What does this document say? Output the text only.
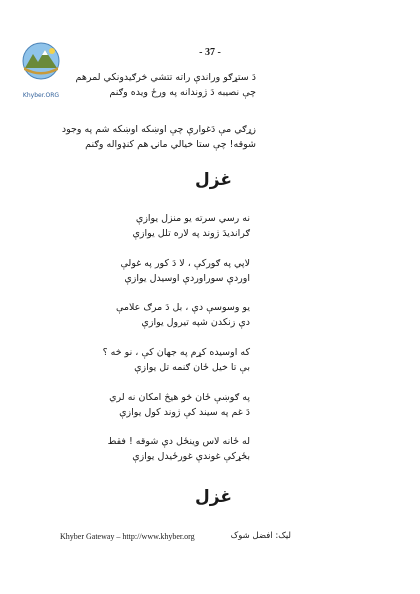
Khyber.ORG
- 37 -
دَ ستړګو وراندې راته تتشي څرګيدونکي لمرهم
چې نصيبه دَ ژوندانه په ورځ ويده وګنم
زړګي مې دَغوارې چې اوښکه اوښکه شم په وجود
شوقه! چې ستا خيالي مانۍ هم کنډواله وګنم
غزل
نه رسي سرته يو منزل يوازې
ګرانديدَ ژوند په لاره تلل يوازې
لاپي په ګورکې ، لا دَ کور په غولې
اوردې سوراوردې اوسيدل يوازې
يو وسوسې دې ، بل دَ مرګ علامې
دې زنکدن شپه تيرول يوازې
که اوسيده کړم په جهان کې ، نو څه ؟
بې تا خيل ځان ګنمه تل يوازې
په ګوښې ځان څو هيڅ امکان نه لري
دَ غم په سيند کې ژوند کول يوازې
له ځانه لاس وينځل دې شوقه ! فقط
بځړکې غوندې غورځيدل يوازې
غزل
Khyber Gateway – http://www.khyber.org	ليک: افضل شوک
